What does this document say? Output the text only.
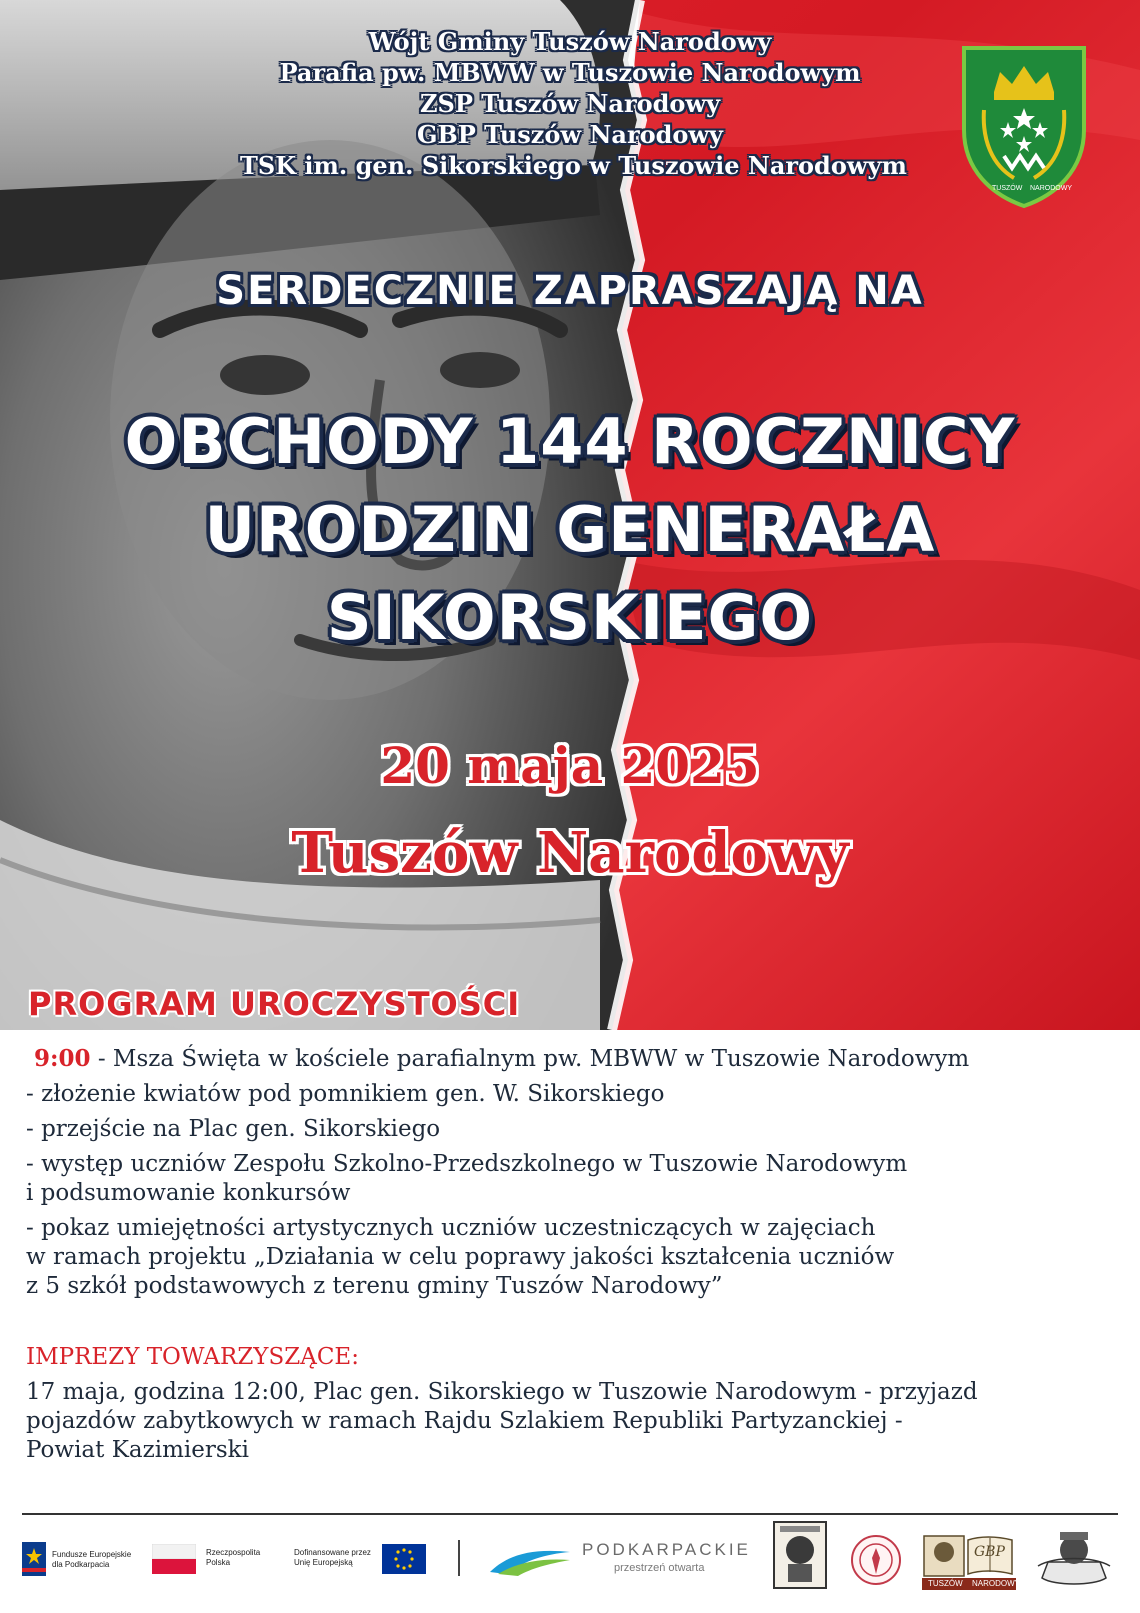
Wójt Gminy Tuszów Narodowy
Parafia pw. MBWW w Tuszowie Narodowym
ZSP Tuszów Narodowy
GBP Tuszów Narodowy
TSK im. gen. Sikorskiego w Tuszowie Narodowym
TUSZÓW NARODOWY
SERDECZNIE ZAPRASZAJĄ NA
OBCHODY 144 ROCZNICY
URODZIN GENERAŁA
SIKORSKIEGO
20 maja 2025
Tuszów Narodowy
PROGRAM UROCZYSTOŚCI
9:00 - Msza Święta w kościele parafialnym pw. MBWW w Tuszowie Narodowym
- złożenie kwiatów pod pomnikiem gen. W. Sikorskiego
- przejście na Plac gen. Sikorskiego
- występ uczniów Zespołu Szkolno-Przedszkolnego w Tuszowie Narodowym
i podsumowanie konkursów
- pokaz umiejętności artystycznych uczniów uczestniczących w zajęciach
w ramach projektu „Działania w celu poprawy jakości kształcenia uczniów
z 5 szkół podstawowych z terenu gminy Tuszów Narodowy”
IMPREZY TOWARZYSZĄCE:
17 maja, godzina 12:00, Plac gen. Sikorskiego w Tuszowie Narodowym - przyjazd
pojazdów zabytkowych w ramach Rajdu Szlakiem Republiki Partyzanckiej -
Powiat Kazimierski
Fundusze Europejskie
dla Podkarpacia
Rzeczpospolita
Polska
Dofinansowane przez
Unię Europejską
PODKARPACKIE
przestrzeń otwarta
GBP
TUSZÓW NARODOWY
